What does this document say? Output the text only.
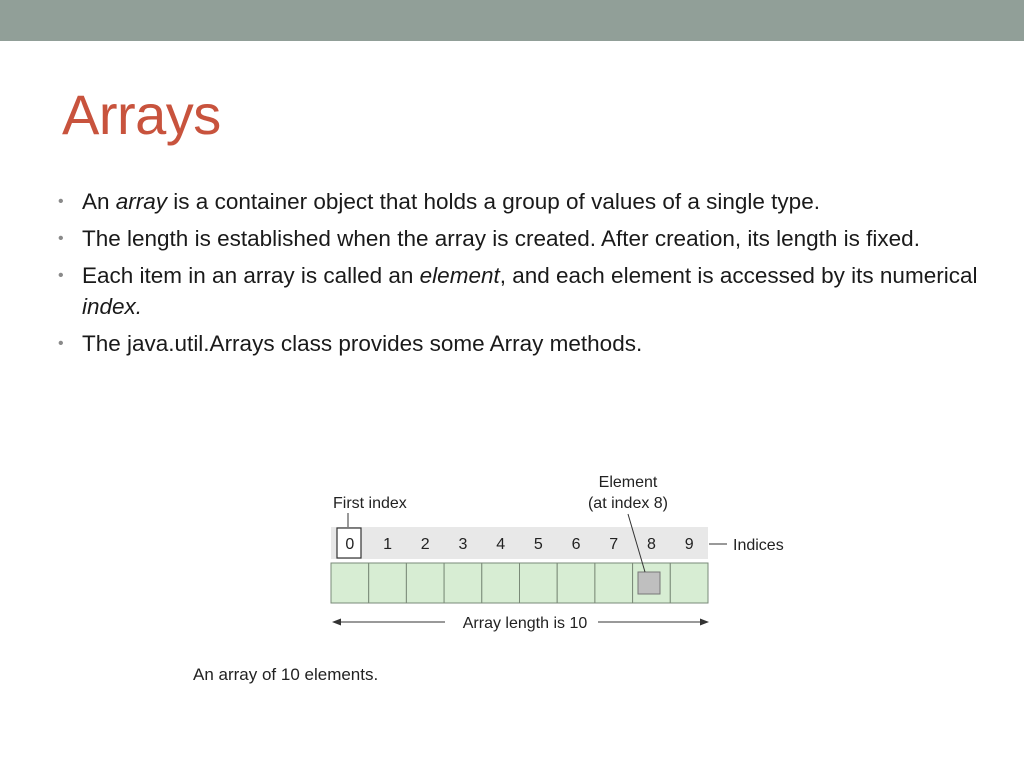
Arrays
• An array is a container object that holds a group of values of a single type.
• The length is established when the array is created. After creation, its length is fixed.
• Each item in an array is called an element, and each element is accessed by its numerical index.
• The java.util.Arrays class provides some Array methods.
Element
(at index 8)
First index
0 1 2 3 4 5 6 7 8 9 Indices
Array length is 10
An array of 10 elements.
